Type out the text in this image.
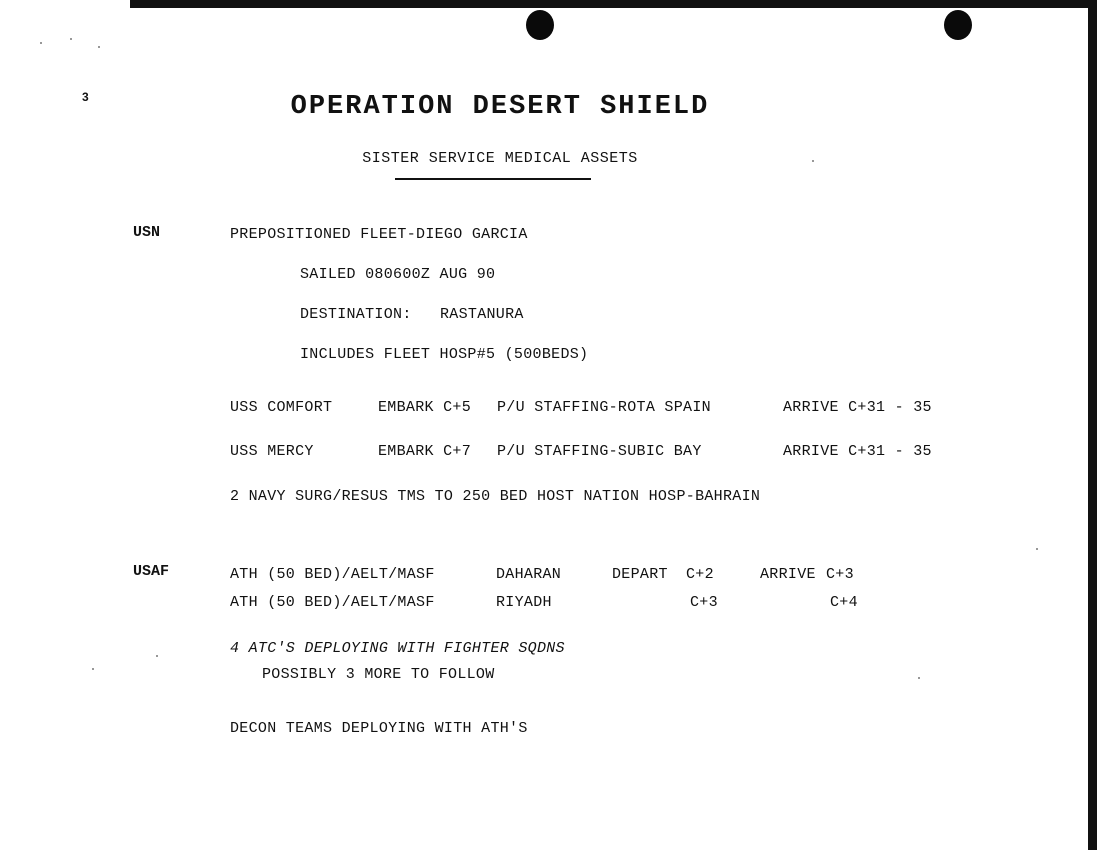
3	OPERATION DESERT SHIELD
SISTER SERVICE MEDICAL ASSETS
USN	PREPOSITIONED FLEET-DIEGO GARCIA
SAILED 080600Z AUG 90
DESTINATION: RASTANURA
INCLUDES FLEET HOSP#5 (500BEDS)
USS COMFORT	EMBARK C+5 P/U STAFFING-ROTA SPAIN	ARRIVE C+31 - 35
USS MERCY	EMBARK C+7 P/U STAFFING-SUBIC BAY	ARRIVE C+31 - 35
2 NAVY SURG/RESUS TMS TO 250 BED HOST NATION HOSP-BAHRAIN
USAF	ATH (50 BED)/AELT/MASF	DAHARAN	DEPART C+2	ARRIVE C+3
ATH (50 BED)/AELT/MASF	RIYADH	C+3	C+4
4 ATC'S DEPLOYING WITH FIGHTER SQDNS
POSSIBLY 3 MORE TO FOLLOW
DECON TEAMS DEPLOYING WITH ATH'S
